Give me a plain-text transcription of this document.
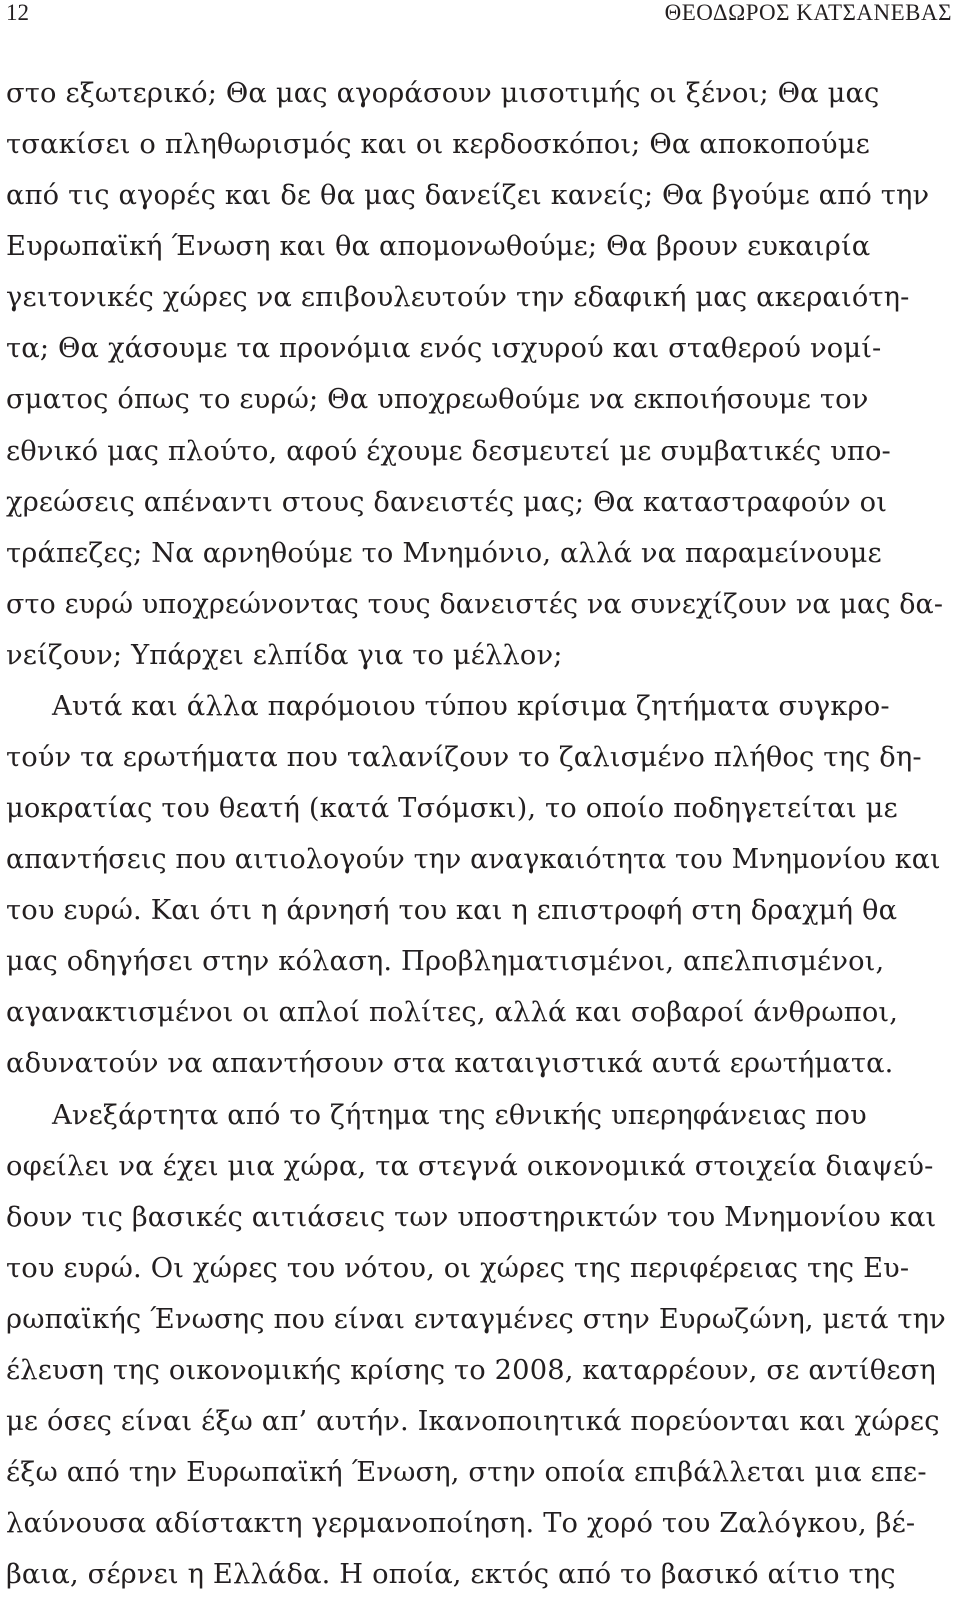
12	ΘΕΟΔΩΡΟΣ ΚΑΤΣΑΝΕΒΑΣ
στο εξωτερικό; Θα μας αγοράσουν μισοτιμής οι ξένοι; Θα μας
τσακίσει ο πληθωρισμός και οι κερδοσκόποι; Θα αποκοπούμε
από τις αγορές και δε θα μας δανείζει κανείς; Θα βγούμε από την
Ευρωπαϊκή Ένωση και θα απομονωθούμε; Θα βρουν ευκαιρία
γειτονικές χώρες να επιβουλευτούν την εδαφική μας ακεραιότη-
τα; Θα χάσουμε τα προνόμια ενός ισχυρού και σταθερού νομί-
σματος όπως το ευρώ; Θα υποχρεωθούμε να εκποιήσουμε τον
εθνικό μας πλούτο, αφού έχουμε δεσμευτεί με συμβατικές υπο-
χρεώσεις απέναντι στους δανειστές μας; Θα καταστραφούν οι
τράπεζες; Να αρνηθούμε το Μνημόνιο, αλλά να παραμείνουμε
στο ευρώ υποχρεώνοντας τους δανειστές να συνεχίζουν να μας δα-
νείζουν; Υπάρχει ελπίδα για το μέλλον;
Αυτά και άλλα παρόμοιου τύπου κρίσιμα ζητήματα συγκρο-
τούν τα ερωτήματα που ταλανίζουν το ζαλισμένο πλήθος της δη-
μοκρατίας του θεατή (κατά Τσόμσκι), το οποίο ποδηγετείται με
απαντήσεις που αιτιολογούν την αναγκαιότητα του Μνημονίου και
του ευρώ. Και ότι η άρνησή του και η επιστροφή στη δραχμή θα
μας οδηγήσει στην κόλαση. Προβληματισμένοι, απελπισμένοι,
αγανακτισμένοι οι απλοί πολίτες, αλλά και σοβαροί άνθρωποι,
αδυνατούν να απαντήσουν στα καταιγιστικά αυτά ερωτήματα.
Ανεξάρτητα από το ζήτημα της εθνικής υπερηφάνειας που
οφείλει να έχει μια χώρα, τα στεγνά οικονομικά στοιχεία διαψεύ-
δουν τις βασικές αιτιάσεις των υποστηρικτών του Μνημονίου και
του ευρώ. Οι χώρες του νότου, οι χώρες της περιφέρειας της Ευ-
ρωπαϊκής Ένωσης που είναι ενταγμένες στην Ευρωζώνη, μετά την
έλευση της οικονομικής κρίσης το 2008, καταρρέουν, σε αντίθεση
με όσες είναι έξω απ’ αυτήν. Ικανοποιητικά πορεύονται και χώρες
έξω από την Ευρωπαϊκή Ένωση, στην οποία επιβάλλεται μια επε-
λαύνουσα αδίστακτη γερμανοποίηση. Το χορό του Ζαλόγκου, βέ-
βαια, σέρνει η Ελλάδα. Η οποία, εκτός από το βασικό αίτιο της
